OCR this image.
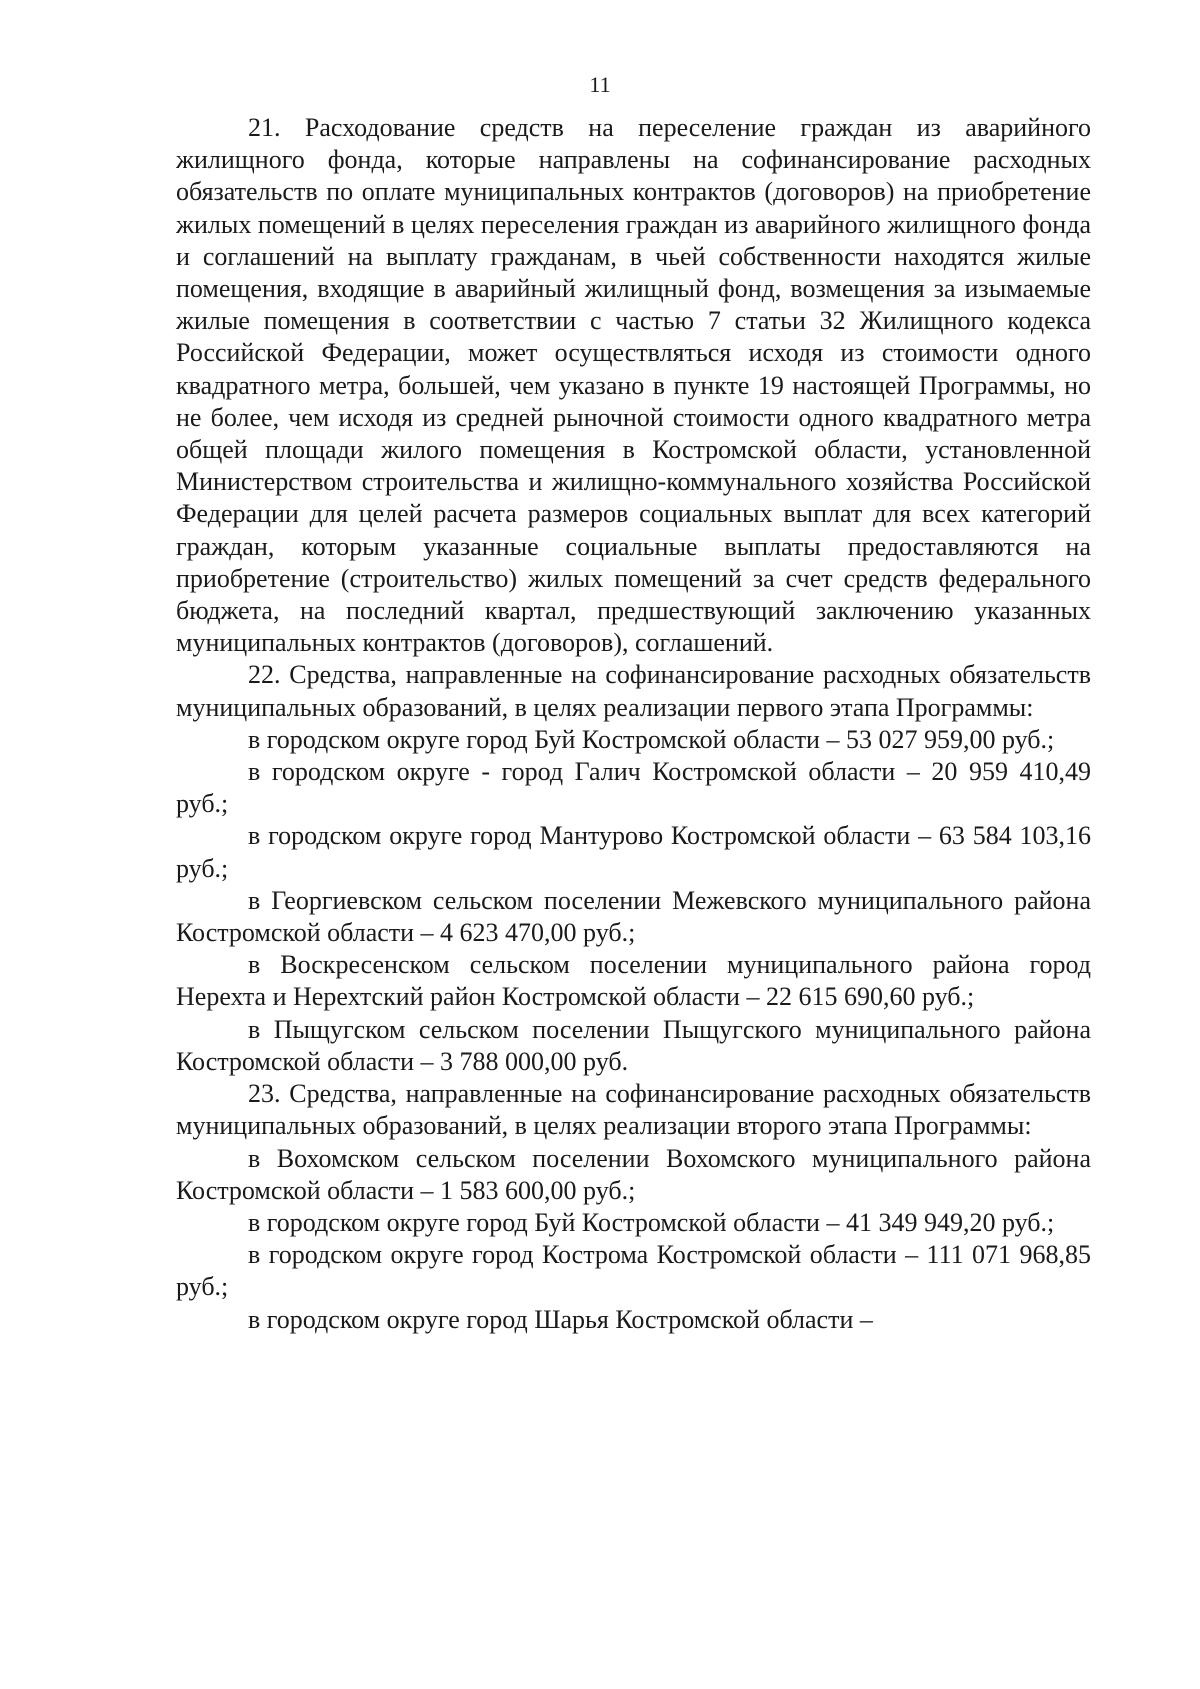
11

21. Расходование средств на переселение граждан из аварийного жилищного фонда, которые направлены на софинансирование расходных обязательств по оплате муниципальных контрактов (договоров) на приобретение жилых помещений в целях переселения граждан из аварийного жилищного фонда и соглашений на выплату гражданам, в чьей собственности находятся жилые помещения, входящие в аварийный жилищный фонд, возмещения за изымаемые жилые помещения в соответствии с частью 7 статьи 32 Жилищного кодекса Российской Федерации, может осуществляться исходя из стоимости одного квадратного метра, большей, чем указано в пункте 19 настоящей Программы, но не более, чем исходя из средней рыночной стоимости одного квадратного метра общей площади жилого помещения в Костромской области, установленной Министерством строительства и жилищно-коммунального хозяйства Российской Федерации для целей расчета размеров социальных выплат для всех категорий граждан, которым указанные социальные выплаты предоставляются на приобретение (строительство) жилых помещений за счет средств федерального бюджета, на последний квартал, предшествующий заключению указанных муниципальных контрактов (договоров), соглашений.

22. Средства, направленные на софинансирование расходных обязательств муниципальных образований, в целях реализации первого этапа Программы:

в городском округе город Буй Костромской области – 53 027 959,00 руб.;

в городском округе - город Галич Костромской области – 20 959 410,49 руб.;

в городском округе город Мантурово Костромской области – 63 584 103,16 руб.;

в Георгиевском сельском поселении Межевского муниципального района Костромской области – 4 623 470,00 руб.;

в Воскресенском сельском поселении муниципального района город Нерехта и Нерехтский район Костромской области – 22 615 690,60 руб.;

в Пыщугском сельском поселении Пыщугского муниципального района Костромской области – 3 788 000,00 руб.

23. Средства, направленные на софинансирование расходных обязательств муниципальных образований, в целях реализации второго этапа Программы:

в Вохомском сельском поселении Вохомского муниципального района Костромской области – 1 583 600,00 руб.;

в городском округе город Буй Костромской области – 41 349 949,20 руб.;

в городском округе город Кострома Костромской области – 111 071 968,85 руб.;

в городском округе город Шарья Костромской области –
